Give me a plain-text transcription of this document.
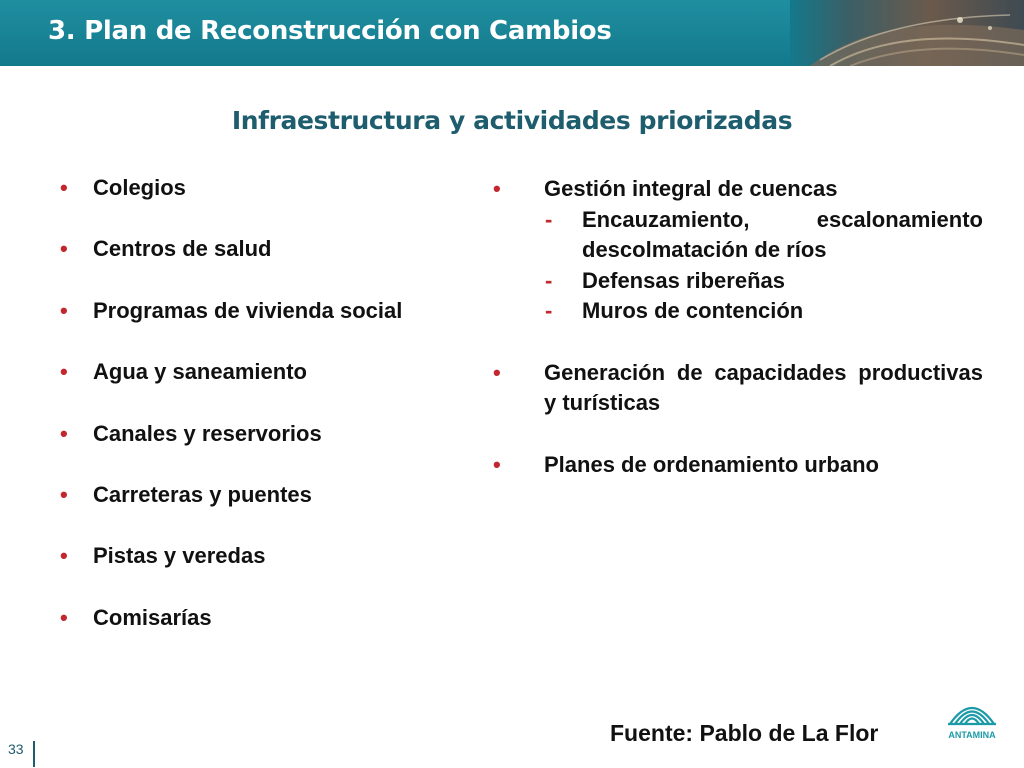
3. Plan de Reconstrucción con Cambios
Infraestructura y actividades priorizadas
• Colegios
• Centros de salud
• Programas de vivienda social
• Agua y saneamiento
• Canales y reservorios
• Carreteras y puentes
• Pistas y veredas
• Comisarías
• Gestión integral de cuencas
- Encauzamiento, escalonamiento descolmatación de ríos
- Defensas ribereñas
- Muros de contención
• Generación de capacidades productivas y turísticas
• Planes de ordenamiento urbano
Fuente: Pablo de La Flor	ANTAMINA
33
